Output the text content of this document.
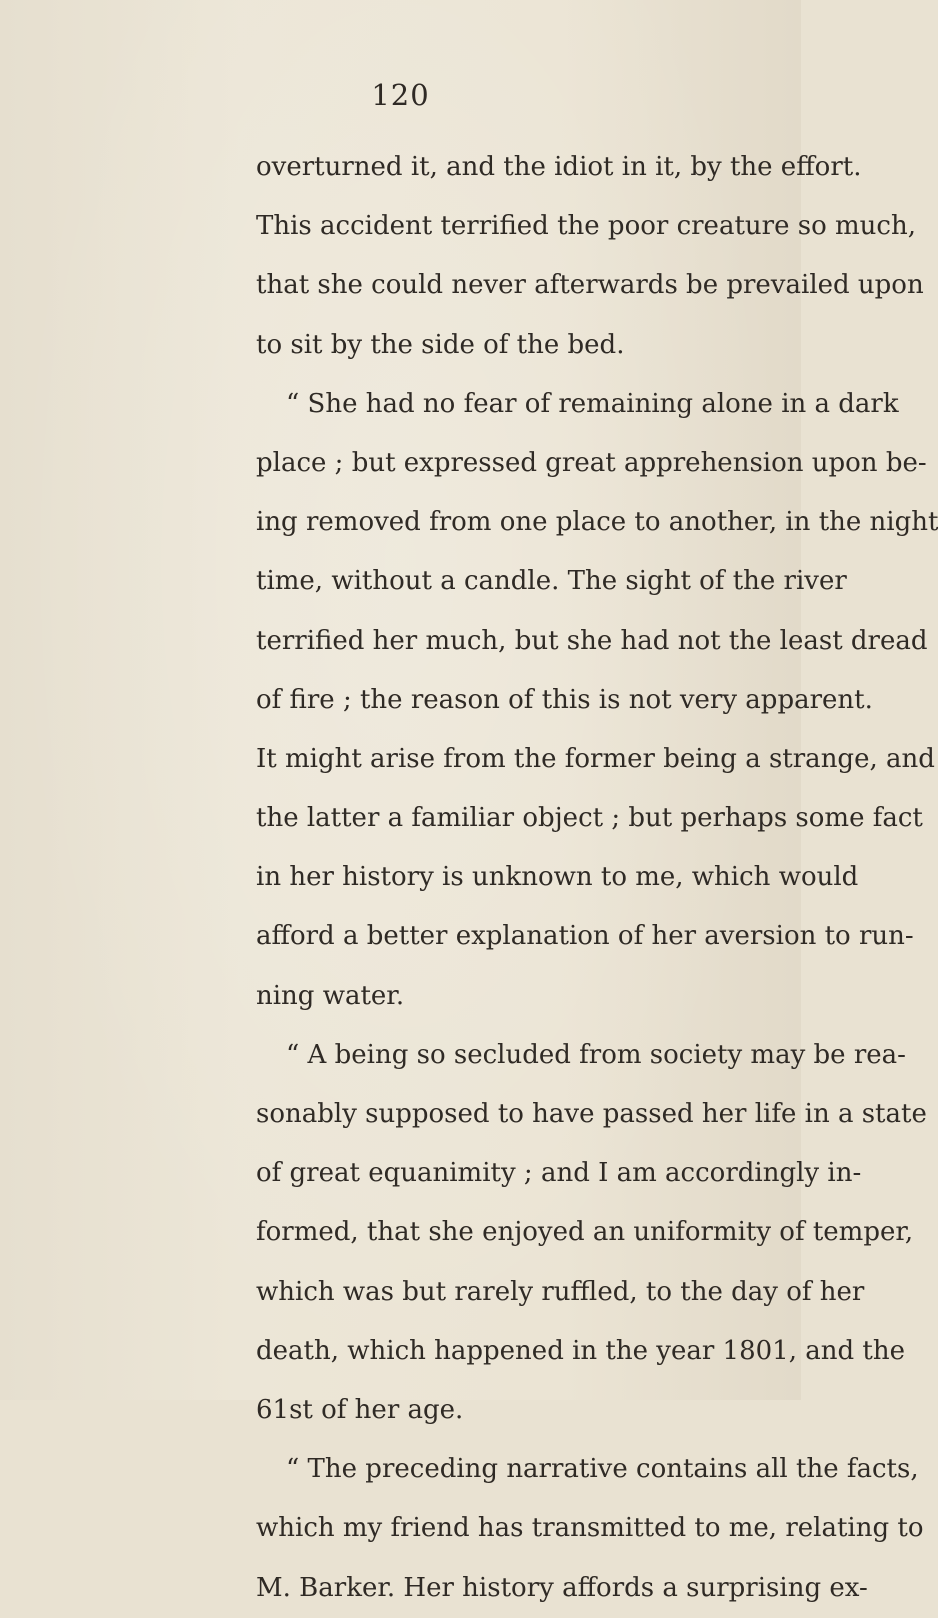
120
overturned it, and the idiot in it, by the effort.
This accident terrified the poor creature so much,
that she could never afterwards be prevailed upon
to sit by the side of the bed.
“ She had no fear of remaining alone in a dark
place ; but expressed great apprehension upon be-
ing removed from one place to another, in the night
time, without a candle. The sight of the river
terrified her much, but she had not the least dread
of fire ; the reason of this is not very apparent.
It might arise from the former being a strange, and
the latter a familiar object ; but perhaps some fact
in her history is unknown to me, which would
afford a better explanation of her aversion to run-
ning water.
“ A being so secluded from society may be rea-
sonably supposed to have passed her life in a state
of great equanimity ; and I am accordingly in-
formed, that she enjoyed an uniformity of temper,
which was but rarely ruffled, to the day of her
death, which happened in the year 1801, and the
61st of her age.
“ The preceding narrative contains all the facts,
which my friend has transmitted to me, relating to
M. Barker. Her history affords a surprising ex-
